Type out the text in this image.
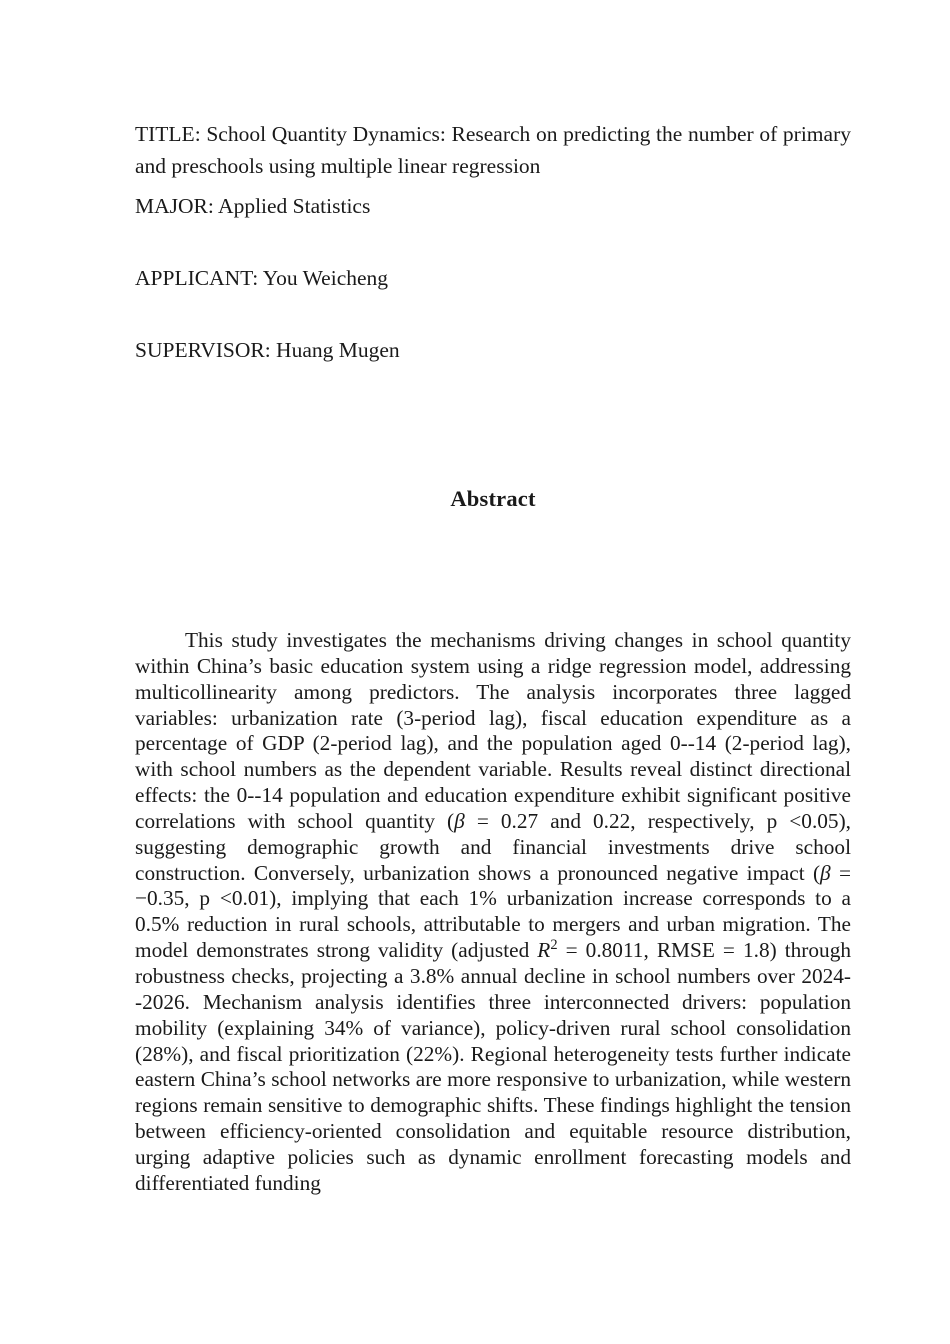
TITLE: School Quantity Dynamics: Research on predicting the number of primary and preschools using multiple linear regression
MAJOR: Applied Statistics
APPLICANT: You Weicheng
SUPERVISOR: Huang Mugen
Abstract
This study investigates the mechanisms driving changes in school quantity within China’s basic education system using a ridge regression model, addressing multicollinearity among predictors. The analysis incorporates three lagged variables: urbanization rate (3-period lag), fiscal education expenditure as a percentage of GDP (2-period lag), and the population aged 0--14 (2-period lag), with school numbers as the dependent variable. Results reveal distinct directional effects: the 0--14 population and education expenditure exhibit significant positive correlations with school quantity (β = 0.27 and 0.22, respectively, p <0.05), suggesting demographic growth and financial investments drive school construction. Conversely, urbanization shows a pronounced negative impact (β = −0.35, p <0.01), implying that each 1% urbanization increase corresponds to a 0.5% reduction in rural schools, attributable to mergers and urban migration. The model demonstrates strong validity (adjusted $R^2 = 0.8011$, RMSE = 1.8) through robustness checks, projecting a 3.8% annual decline in school numbers over 2024--2026. Mechanism analysis identifies three interconnected drivers: population mobility (explaining 34% of variance), policy-driven rural school consolidation (28%), and fiscal prioritization (22%). Regional heterogeneity tests further indicate eastern China’s school networks are more responsive to urbanization, while western regions remain sensitive to demographic shifts. These findings highlight the tension between efficiency-oriented consolidation and equitable resource distribution, urging adaptive policies such as dynamic enrollment forecasting models and differentiated funding
